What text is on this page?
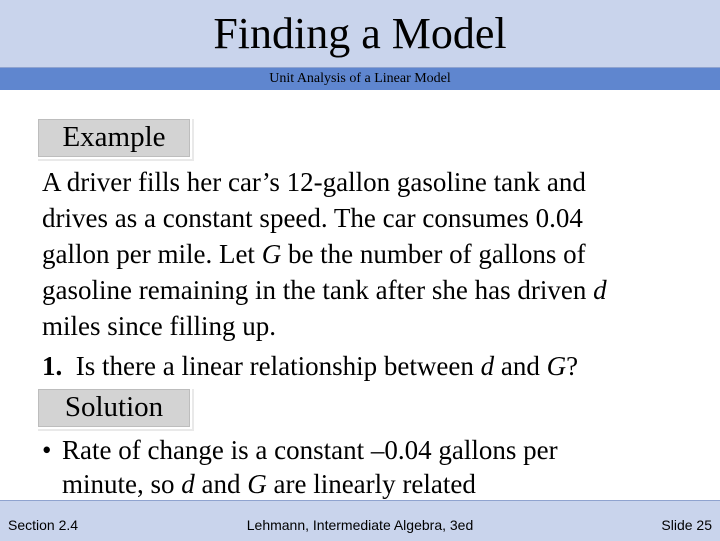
Finding a Model
Unit Analysis of a Linear Model
Example

A driver fills her car’s 12-gallon gasoline tank and

drives as a constant speed. The car consumes 0.04

gallon per mile. Let G be the number of gallons of

gasoline remaining in the tank after she has driven d

miles since filling up.

1. Is there a linear relationship between d and G?
Solution
• Rate of change is a constant –0.04 gallons per
minute, so d and G are linearly related
Section 2.4	Lehmann, Intermediate Algebra, 3ed	Slide 25
